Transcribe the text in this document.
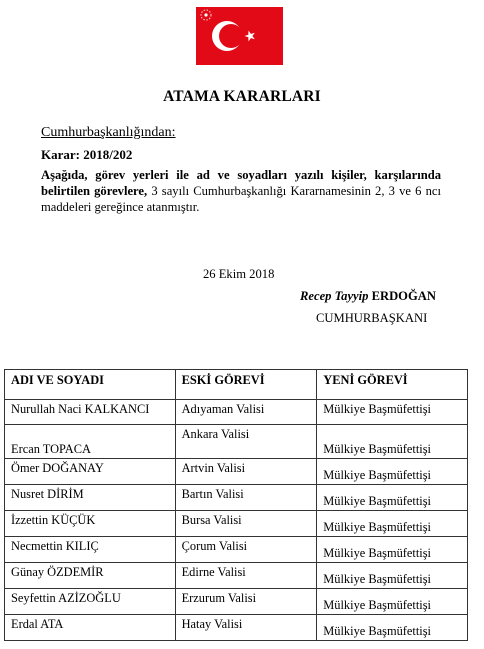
ATAMA KARARLARI
Cumhurbaşkanlığından:
Karar: 2018/202
Aşağıda, görev yerleri ile ad ve soyadları yazılı kişiler, karşılarında belirtilen görevlere, 3 sayılı Cumhurbaşkanlığı Kararnamesinin 2, 3 ve 6 ncı maddeleri gereğince atanmıştır.
26 Ekim 2018
Recep Tayyip ERDOĞAN
CUMHURBAŞKANI
ADI VE SOYADI	ESKİ GÖREVİ	YENİ GÖREVİ
Nurullah Naci KALKANCI	Adıyaman Valisi	Mülkiye Başmüfettişi
Ercan TOPACA	Ankara Valisi	Mülkiye Başmüfettişi
Ömer DOĞANAY	Artvin Valisi	Mülkiye Başmüfettişi
Nusret DİRİM	Bartın Valisi	Mülkiye Başmüfettişi
İzzettin KÜÇÜK	Bursa Valisi	Mülkiye Başmüfettişi
Necmettin KILIÇ	Çorum Valisi	Mülkiye Başmüfettişi
Günay ÖZDEMİR	Edirne Valisi	Mülkiye Başmüfettişi
Seyfettin AZİZOĞLU	Erzurum Valisi	Mülkiye Başmüfettişi
Erdal ATA	Hatay Valisi	Mülkiye Başmüfettişi
